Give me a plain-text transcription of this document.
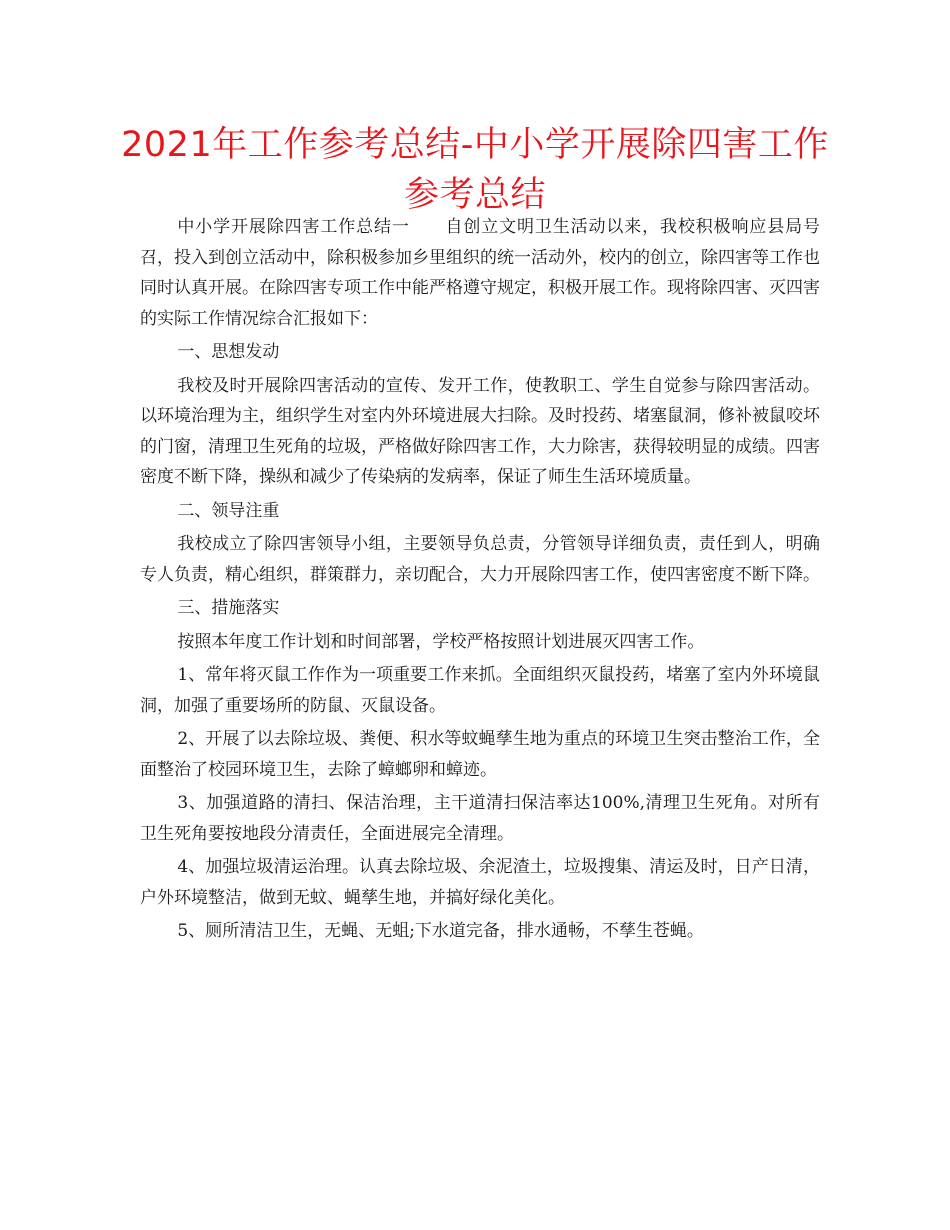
2021年工作参考总结-中小学开展除四害工作参考总结

中小学开展除四害工作总结一　　自创立文明卫生活动以来，我校积极响应县局号召，投入到创立活动中，除积极参加乡里组织的统一活动外，校内的创立，除四害等工作也同时认真开展。在除四害专项工作中能严格遵守规定，积极开展工作。现将除四害、灭四害的实际工作情况综合汇报如下：

一、思想发动

我校及时开展除四害活动的宣传、发开工作，使教职工、学生自觉参与除四害活动。以环境治理为主，组织学生对室内外环境进展大扫除。及时投药、堵塞鼠洞，修补被鼠咬坏的门窗，清理卫生死角的垃圾，严格做好除四害工作，大力除害，获得较明显的成绩。四害密度不断下降，操纵和减少了传染病的发病率，保证了师生生活环境质量。

二、领导注重

我校成立了除四害领导小组，主要领导负总责，分管领导详细负责，责任到人，明确专人负责，精心组织，群策群力，亲切配合，大力开展除四害工作，使四害密度不断下降。

三、措施落实

按照本年度工作计划和时间部署，学校严格按照计划进展灭四害工作。

1、常年将灭鼠工作作为一项重要工作来抓。全面组织灭鼠投药，堵塞了室内外环境鼠洞，加强了重要场所的防鼠、灭鼠设备。

2、开展了以去除垃圾、粪便、积水等蚊蝇孳生地为重点的环境卫生突击整治工作，全面整治了校园环境卫生，去除了蟑螂卵和蟑迹。

3、加强道路的清扫、保洁治理，主干道清扫保洁率达100%,清理卫生死角。对所有卫生死角要按地段分清责任，全面进展完全清理。

4、加强垃圾清运治理。认真去除垃圾、余泥渣土，垃圾搜集、清运及时，日产日清，户外环境整洁，做到无蚊、蝇孳生地，并搞好绿化美化。

5、厕所清洁卫生，无蝇、无蛆;下水道完备，排水通畅，不孳生苍蝇。
